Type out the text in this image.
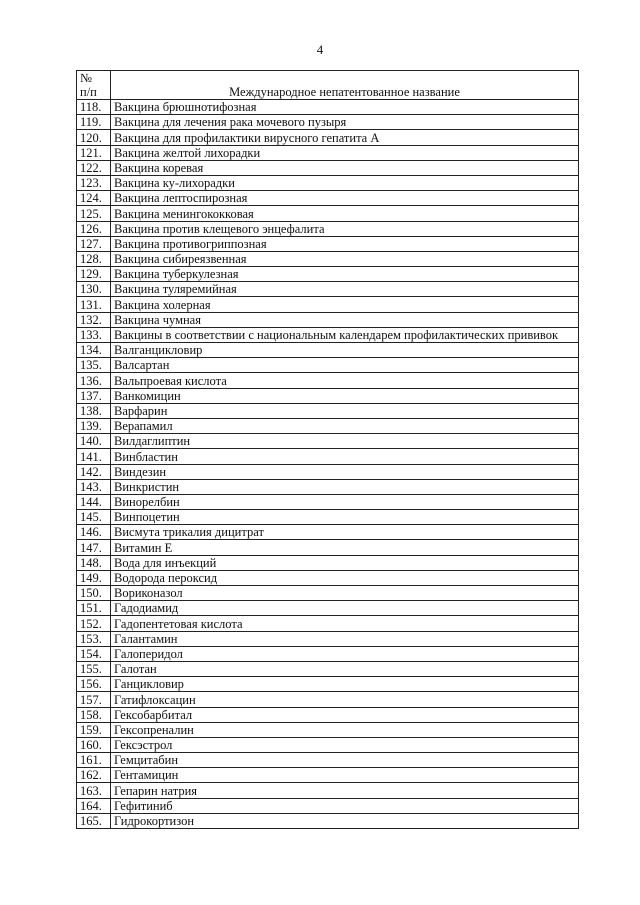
4
№
п/п	Международное непатентованное название
118.	Вакцина брюшнотифозная
119.	Вакцина для лечения рака мочевого пузыря
120.	Вакцина для профилактики вирусного гепатита А
121.	Вакцина желтой лихорадки
122.	Вакцина коревая
123.	Вакцина ку-лихорадки
124.	Вакцина лептоспирозная
125.	Вакцина менингококковая
126.	Вакцина против клещевого энцефалита
127.	Вакцина противогриппозная
128.	Вакцина сибиреязвенная
129.	Вакцина туберкулезная
130.	Вакцина туляремийная
131.	Вакцина холерная
132.	Вакцина чумная
133.	Вакцины в соответствии с национальным календарем профилактических прививок
134.	Валганцикловир
135.	Валсартан
136.	Вальпроевая кислота
137.	Ванкомицин
138.	Варфарин
139.	Верапамил
140.	Вилдаглиптин
141.	Винбластин
142.	Виндезин
143.	Винкристин
144.	Винорелбин
145.	Винпоцетин
146.	Висмута трикалия дицитрат
147.	Витамин Е
148.	Вода для инъекций
149.	Водорода пероксид
150.	Вориконазол
151.	Гадодиамид
152.	Гадопентетовая кислота
153.	Галантамин
154.	Галоперидол
155.	Галотан
156.	Ганцикловир
157.	Гатифлоксацин
158.	Гексобарбитал
159.	Гексопреналин
160.	Гексэстрол
161.	Гемцитабин
162.	Гентамицин
163.	Гепарин натрия
164.	Гефитиниб
165.	Гидрокортизон
